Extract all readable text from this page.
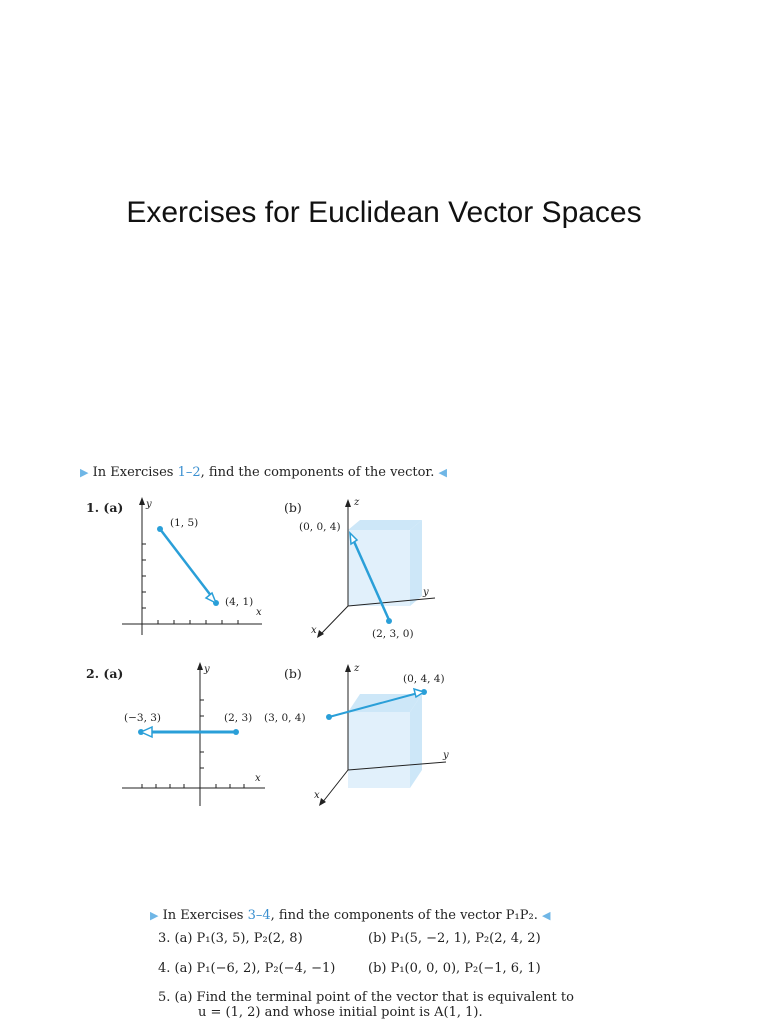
Exercises for Euclidean Vector Spaces
▶ In Exercises 1–2, find the components of the vector. ◀
1. (a)	(b)
2. (a)	(b)
y
x
(1, 5)
(4, 1)
z
y
x
(0, 0, 4)
(2, 3, 0)
y
x
(−3, 3)	(2, 3)
z
y
x
(3, 0, 4)
(0, 4, 4)
▶ In Exercises 3–4, find the components of the vector P₁P₂. ◀
3. (a) P₁(3, 5), P₂(2, 8)	(b) P₁(5, −2, 1), P₂(2, 4, 2)
4. (a) P₁(−6, 2), P₂(−4, −1)	(b) P₁(0, 0, 0), P₂(−1, 6, 1)
5. (a) Find the terminal point of the vector that is equivalent to
u = (1, 2) and whose initial point is A(1, 1).
